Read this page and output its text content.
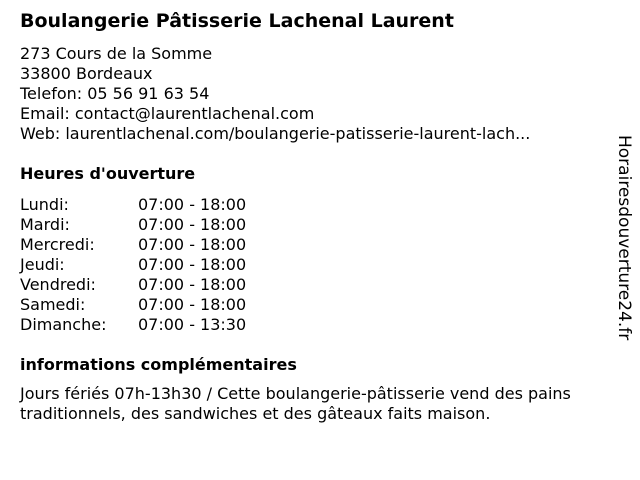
Boulangerie Pâtisserie Lachenal Laurent
273 Cours de la Somme
33800 Bordeaux
Telefon: 05 56 91 63 54
Email: contact@laurentlachenal.com
Web: laurentlachenal.com/boulangerie-patisserie-laurent-lach...
Heures d'ouverture
Lundi:	07:00 - 18:00
Mardi:	07:00 - 18:00
Mercredi:	07:00 - 18:00
Jeudi:	07:00 - 18:00
Vendredi:	07:00 - 18:00
Samedi:	07:00 - 18:00
Dimanche:	07:00 - 13:30
informations complémentaires
Jours fériés 07h-13h30 / Cette boulangerie-pâtisserie vend des pains
traditionnels, des sandwiches et des gâteaux faits maison.
Horairesdouverture24.fr
